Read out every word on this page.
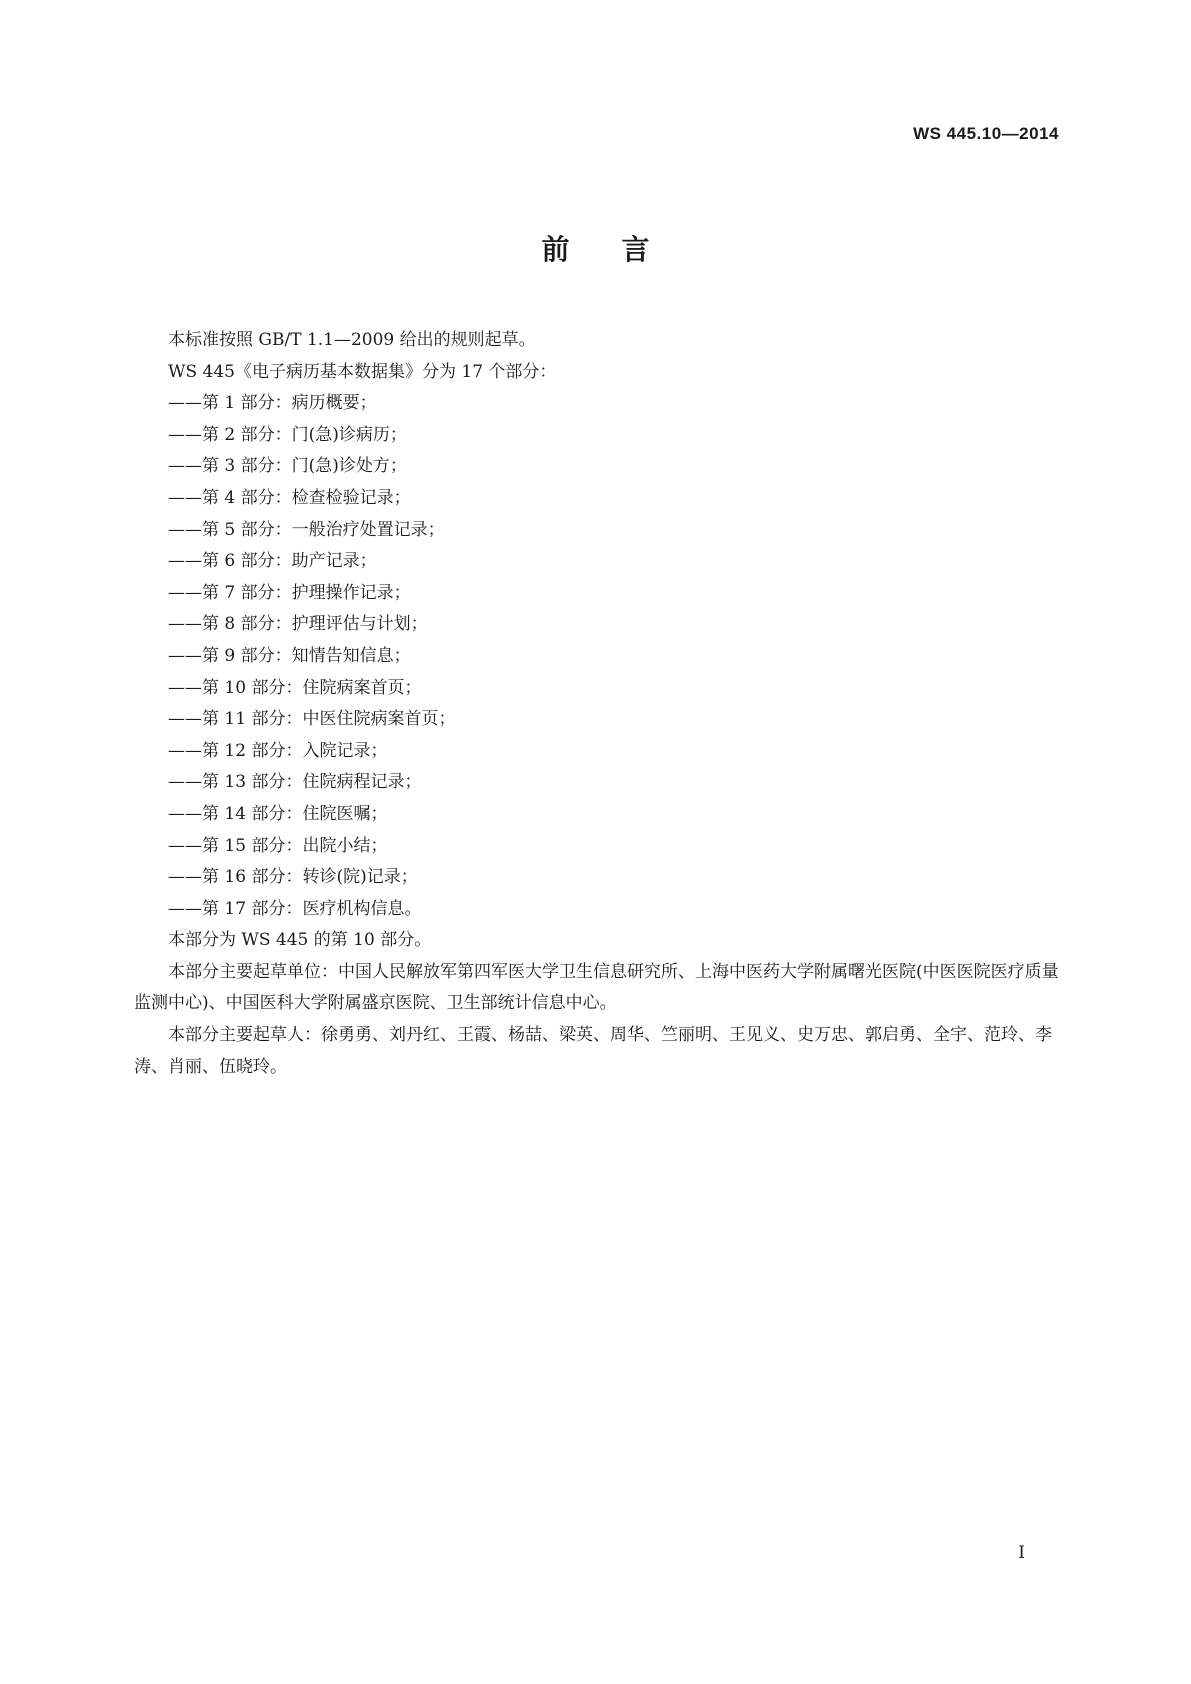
WS 445.10—2014
前言

本标准按照 GB/T 1.1—2009 给出的规则起草。

WS 445《电子病历基本数据集》分为 17 个部分：

——第 1 部分：病历概要；

——第 2 部分：门(急)诊病历；

——第 3 部分：门(急)诊处方；

——第 4 部分：检查检验记录；

——第 5 部分：一般治疗处置记录；

——第 6 部分：助产记录；

——第 7 部分：护理操作记录；

——第 8 部分：护理评估与计划；

——第 9 部分：知情告知信息；

——第 10 部分：住院病案首页；

——第 11 部分：中医住院病案首页；

——第 12 部分：入院记录；

——第 13 部分：住院病程记录；

——第 14 部分：住院医嘱；

——第 15 部分：出院小结；

——第 16 部分：转诊(院)记录；

——第 17 部分：医疗机构信息。

本部分为 WS 445 的第 10 部分。

本部分主要起草单位：中国人民解放军第四军医大学卫生信息研究所、上海中医药大学附属曙光医院(中医医院医疗质量监测中心)、中国医科大学附属盛京医院、卫生部统计信息中心。

本部分主要起草人：徐勇勇、刘丹红、王霞、杨喆、梁英、周华、竺丽明、王见义、史万忠、郭启勇、全宇、范玲、李涛、肖丽、伍晓玲。

I
